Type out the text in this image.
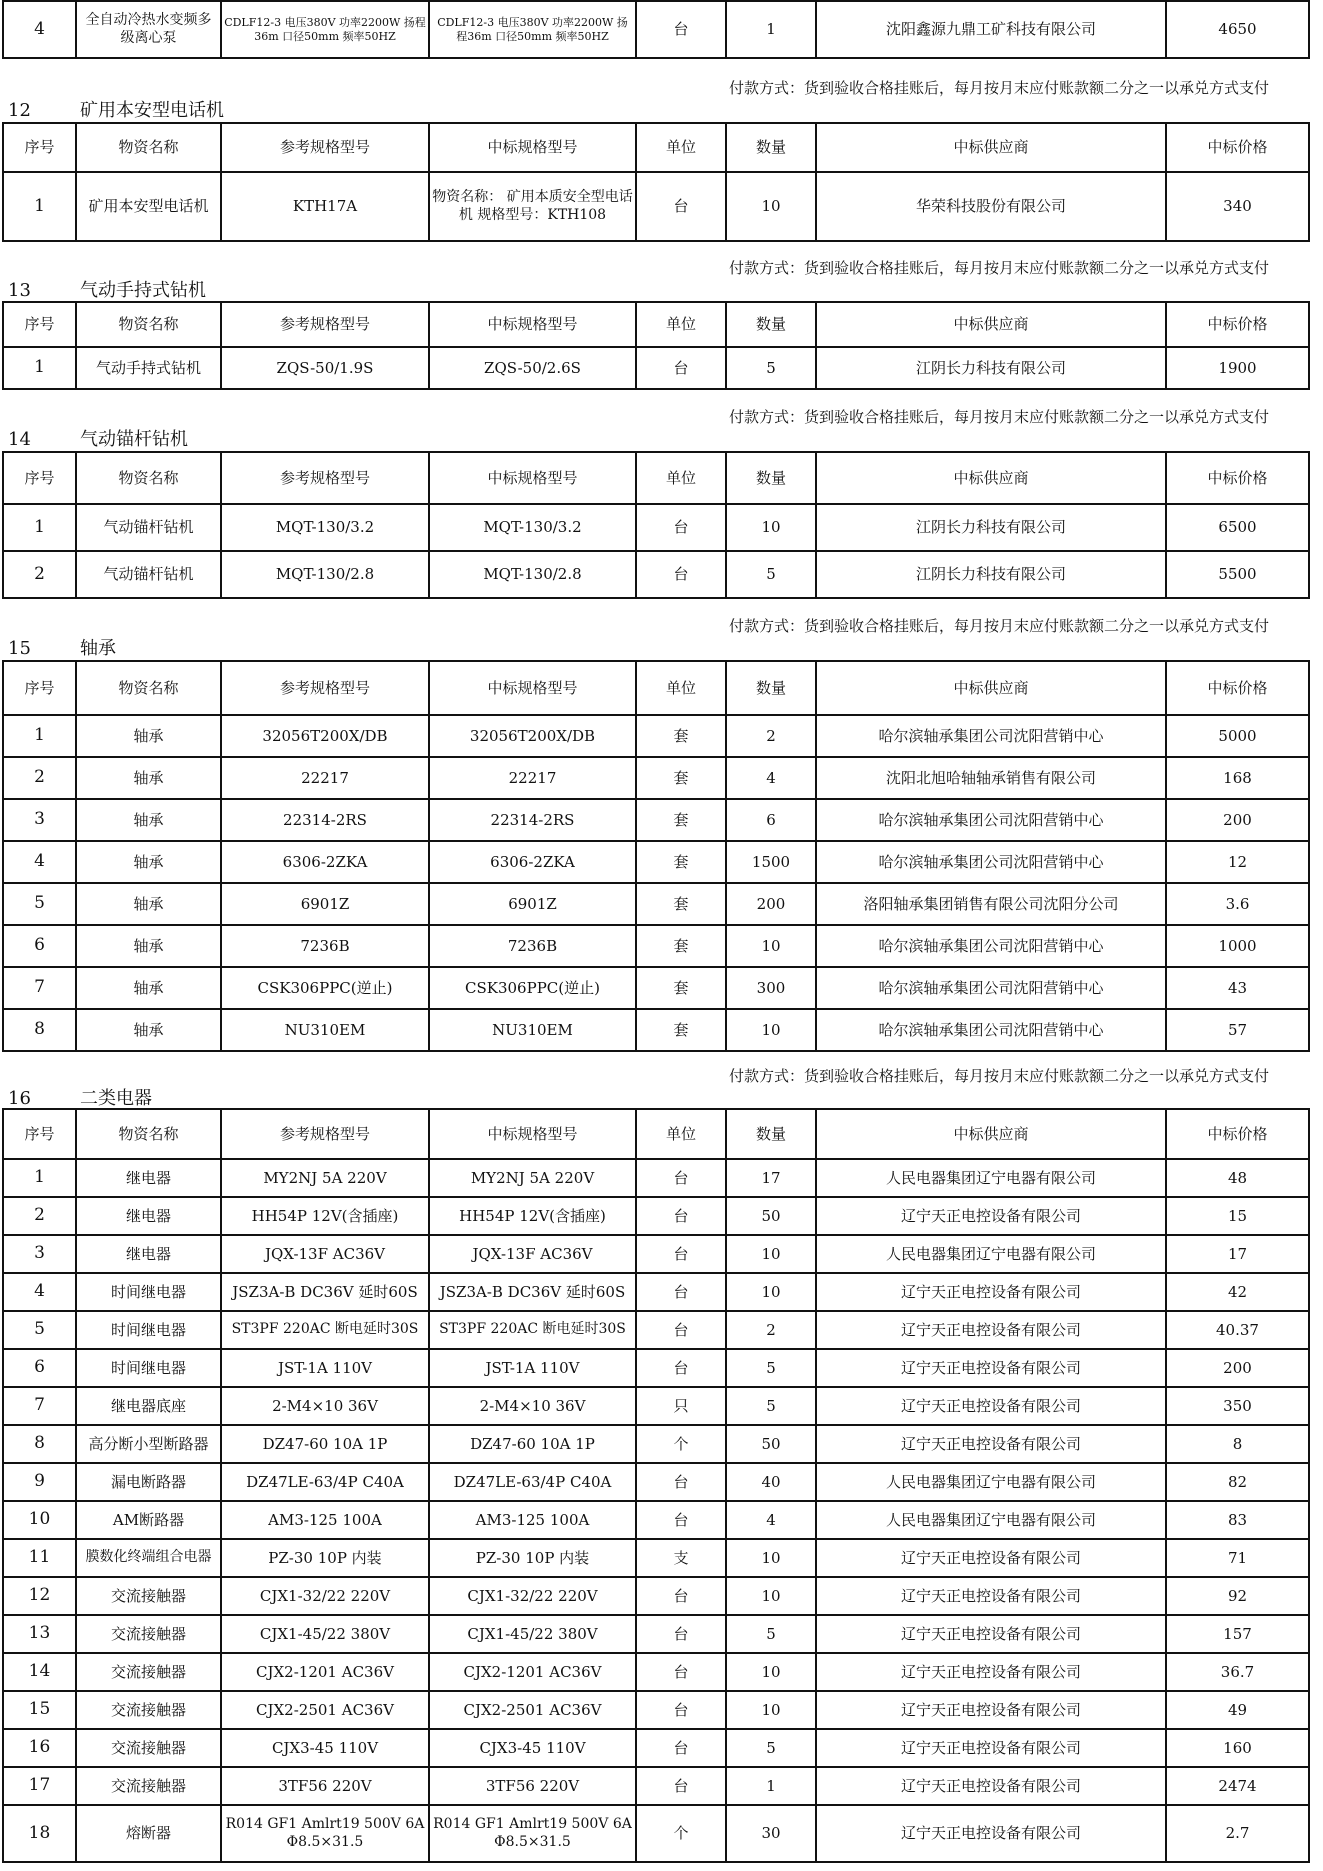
4	全自动冷热水变频多级离心泵	CDLF12-3 电压380V 功率2200W 扬程36m 口径50mm 频率50HZ	CDLF12-3 电压380V 功率2200W 扬程36m 口径50mm 频率50HZ	台	1	沈阳鑫源九鼎工矿科技有限公司	4650
付款方式：货到验收合格挂账后，每月按月末应付账款额二分之一以承兑方式支付
12	矿用本安型电话机
序号	物资名称	参考规格型号	中标规格型号	单位	数量	中标供应商	中标价格
1	矿用本安型电话机	KTH17A	物资名称： 矿用本质安全型电话机 规格型号：KTH108	台	10	华荣科技股份有限公司	340
付款方式：货到验收合格挂账后，每月按月末应付账款额二分之一以承兑方式支付
13	气动手持式钻机
序号	物资名称	参考规格型号	中标规格型号	单位	数量	中标供应商	中标价格
1	气动手持式钻机	ZQS-50/1.9S	ZQS-50/2.6S	台	5	江阴长力科技有限公司	1900
付款方式：货到验收合格挂账后，每月按月末应付账款额二分之一以承兑方式支付
14	气动锚杆钻机
序号	物资名称	参考规格型号	中标规格型号	单位	数量	中标供应商	中标价格
1	气动锚杆钻机	MQT-130/3.2	MQT-130/3.2	台	10	江阴长力科技有限公司	6500
2	气动锚杆钻机	MQT-130/2.8	MQT-130/2.8	台	5	江阴长力科技有限公司	5500
付款方式：货到验收合格挂账后，每月按月末应付账款额二分之一以承兑方式支付
15	轴承
序号	物资名称	参考规格型号	中标规格型号	单位	数量	中标供应商	中标价格
1	轴承	32056T200X/DB	32056T200X/DB	套	2	哈尔滨轴承集团公司沈阳营销中心	5000
2	轴承	22217	22217	套	4	沈阳北旭哈轴轴承销售有限公司	168
3	轴承	22314-2RS	22314-2RS	套	6	哈尔滨轴承集团公司沈阳营销中心	200
4	轴承	6306-2ZKA	6306-2ZKA	套	1500	哈尔滨轴承集团公司沈阳营销中心	12
5	轴承	6901Z	6901Z	套	200	洛阳轴承集团销售有限公司沈阳分公司	3.6
6	轴承	7236B	7236B	套	10	哈尔滨轴承集团公司沈阳营销中心	1000
7	轴承	CSK306PPC(逆止)	CSK306PPC(逆止)	套	300	哈尔滨轴承集团公司沈阳营销中心	43
8	轴承	NU310EM	NU310EM	套	10	哈尔滨轴承集团公司沈阳营销中心	57
付款方式：货到验收合格挂账后，每月按月末应付账款额二分之一以承兑方式支付
16	二类电器
序号	物资名称	参考规格型号	中标规格型号	单位	数量	中标供应商	中标价格
1	继电器	MY2NJ 5A 220V	MY2NJ 5A 220V	台	17	人民电器集团辽宁电器有限公司	48
2	继电器	HH54P 12V(含插座)	HH54P 12V(含插座)	台	50	辽宁天正电控设备有限公司	15
3	继电器	JQX-13F AC36V	JQX-13F AC36V	台	10	人民电器集团辽宁电器有限公司	17
4	时间继电器	JSZ3A-B DC36V 延时60S	JSZ3A-B DC36V 延时60S	台	10	辽宁天正电控设备有限公司	42
5	时间继电器	ST3PF 220AC 断电延时30S	ST3PF 220AC 断电延时30S	台	2	辽宁天正电控设备有限公司	40.37
6	时间继电器	JST-1A 110V	JST-1A 110V	台	5	辽宁天正电控设备有限公司	200
7	继电器底座	2-M4×10 36V	2-M4×10 36V	只	5	辽宁天正电控设备有限公司	350
8	高分断小型断路器	DZ47-60 10A 1P	DZ47-60 10A 1P	个	50	辽宁天正电控设备有限公司	8
9	漏电断路器	DZ47LE-63/4P C40A	DZ47LE-63/4P C40A	台	40	人民电器集团辽宁电器有限公司	82
10	AM断路器	AM3-125 100A	AM3-125 100A	台	4	人民电器集团辽宁电器有限公司	83
11	膜数化终端组合电器	PZ-30 10P 内装	PZ-30 10P 内装	支	10	辽宁天正电控设备有限公司	71
12	交流接触器	CJX1-32/22 220V	CJX1-32/22 220V	台	10	辽宁天正电控设备有限公司	92
13	交流接触器	CJX1-45/22 380V	CJX1-45/22 380V	台	5	辽宁天正电控设备有限公司	157
14	交流接触器	CJX2-1201 AC36V	CJX2-1201 AC36V	台	10	辽宁天正电控设备有限公司	36.7
15	交流接触器	CJX2-2501 AC36V	CJX2-2501 AC36V	台	10	辽宁天正电控设备有限公司	49
16	交流接触器	CJX3-45 110V	CJX3-45 110V	台	5	辽宁天正电控设备有限公司	160
17	交流接触器	3TF56 220V	3TF56 220V	台	1	辽宁天正电控设备有限公司	2474
18	熔断器	R014 GF1 Amlrt19 500V 6A Φ8.5×31.5	R014 GF1 Amlrt19 500V 6A Φ8.5×31.5	个	30	辽宁天正电控设备有限公司	2.7
